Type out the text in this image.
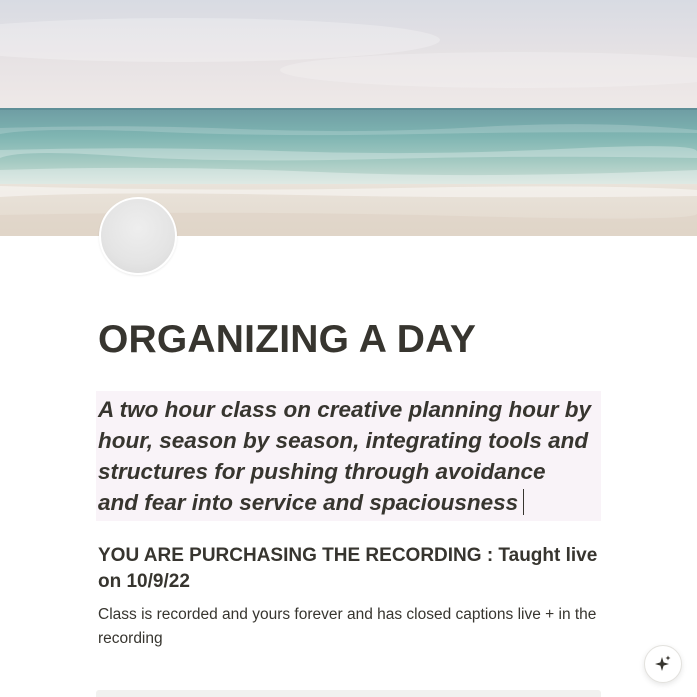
ORGANIZING A DAY
A two hour class on creative planning hour by
hour, season by season, integrating tools and
structures for pushing through avoidance
and fear into service and spaciousness
YOU ARE PURCHASING THE RECORDING : Taught live on 10/9/22

Class is recorded and yours forever and has closed captions live + in the recording
